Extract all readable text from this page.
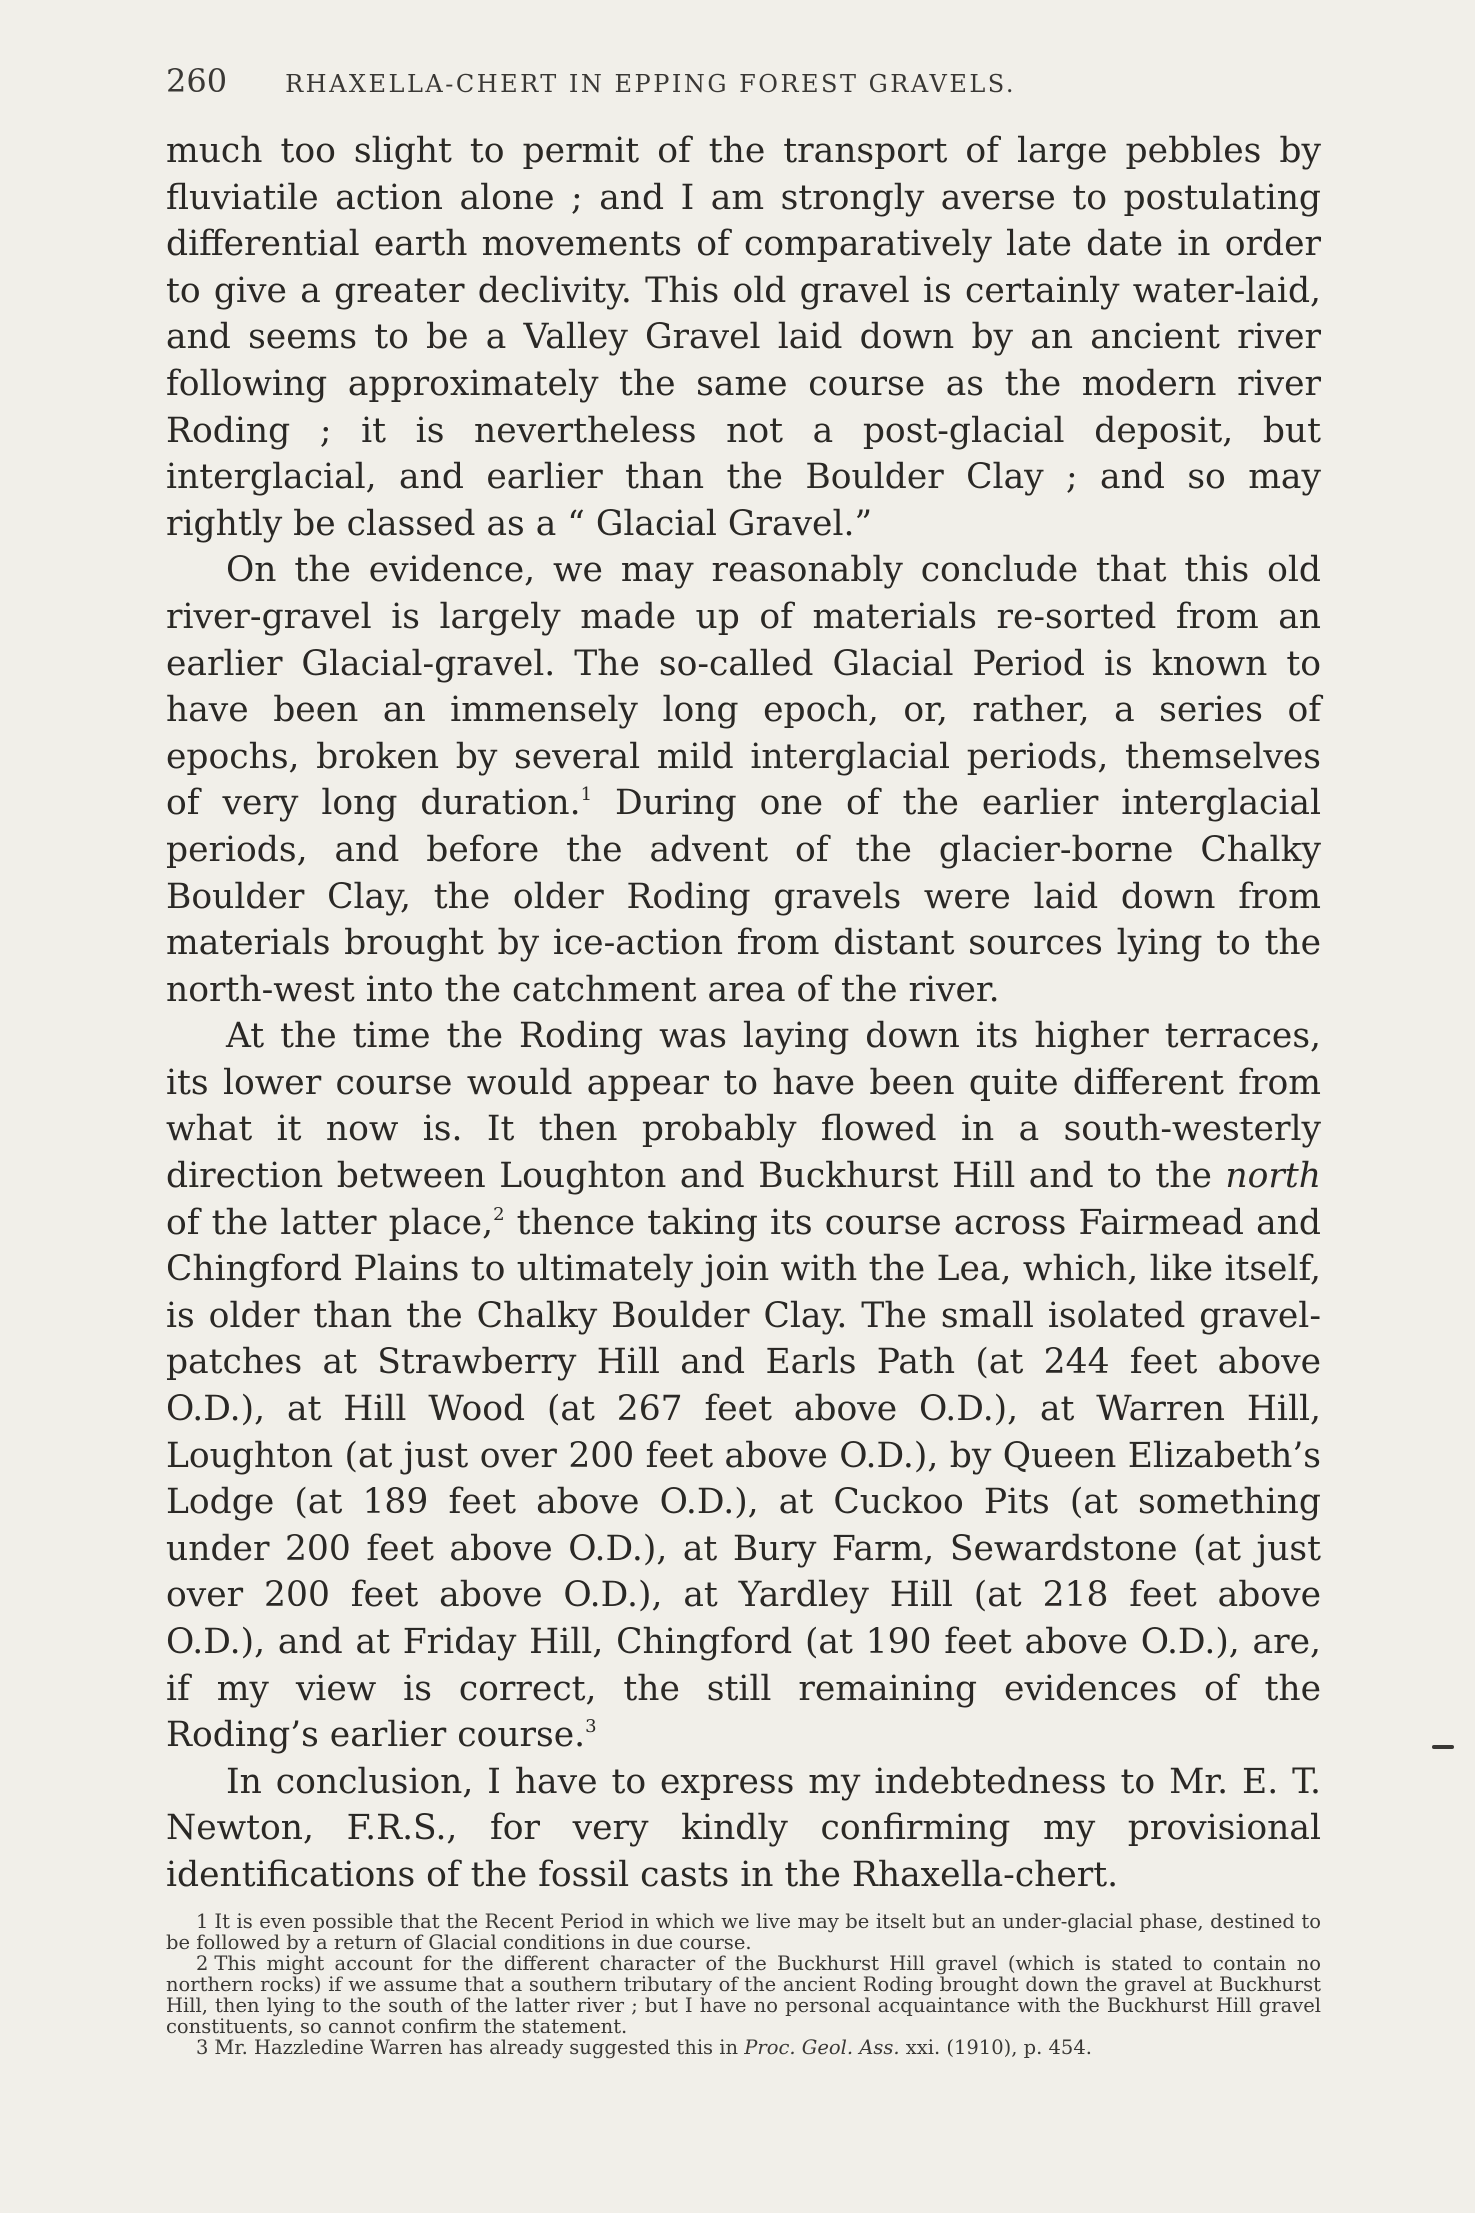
260 RHAXELLA-CHERT IN EPPING FOREST GRAVELS.

much too slight to permit of the transport of large pebbles by fluviatile action alone ; and I am strongly averse to postulating differential earth movements of comparatively late date in order to give a greater declivity. This old gravel is certainly water-laid, and seems to be a Valley Gravel laid down by an ancient river following approximately the same course as the modern river Roding ; it is nevertheless not a post-glacial deposit, but interglacial, and earlier than the Boulder Clay ; and so may rightly be classed as a “ Glacial Gravel.”

On the evidence, we may reasonably conclude that this old river-gravel is largely made up of materials re-sorted from an earlier Glacial-gravel. The so-called Glacial Period is known to have been an immensely long epoch, or, rather, a series of epochs, broken by several mild interglacial periods, themselves of very long duration.$^1$ During one of the earlier interglacial periods, and before the advent of the glacier-borne Chalky Boulder Clay, the older Roding gravels were laid down from materials brought by ice-action from distant sources lying to the north-west into the catchment area of the river.

At the time the Roding was laying down its higher terraces, its lower course would appear to have been quite different from what it now is. It then probably flowed in a south-westerly direction between Loughton and Buckhurst Hill and to the north of the latter place,$^2$ thence taking its course across Fairmead and Chingford Plains to ultimately join with the Lea, which, like itself, is older than the Chalky Boulder Clay. The small isolated gravel-patches at Strawberry Hill and Earls Path (at 244 feet above O.D.), at Hill Wood (at 267 feet above O.D.), at Warren Hill, Loughton (at just over 200 feet above O.D.), by Queen Elizabeth’s Lodge (at 189 feet above O.D.), at Cuckoo Pits (at something under 200 feet above O.D.), at Bury Farm, Sewardstone (at just over 200 feet above O.D.), at Yardley Hill (at 218 feet above O.D.), and at Friday Hill, Chingford (at 190 feet above O.D.), are, if my view is correct, the still remaining evidences of the Roding’s earlier course.$^3$

In conclusion, I have to express my indebtedness to Mr. E. T. Newton, F.R.S., for very kindly confirming my provisional identifications of the fossil casts in the Rhaxella-chert.

1 It is even possible that the Recent Period in which we live may be itselt but an under-glacial phase, destined to be followed by a return of Glacial conditions in due course.

2 This might account for the different character of the Buckhurst Hill gravel (which is stated to contain no northern rocks) if we assume that a southern tributary of the ancient Roding brought down the gravel at Buckhurst Hill, then lying to the south of the latter river ; but I have no personal acquaintance with the Buckhurst Hill gravel constituents, so cannot confirm the statement.

3 Mr. Hazzledine Warren has already suggested this in Proc. Geol. Ass. xxi. (1910), p. 454.
